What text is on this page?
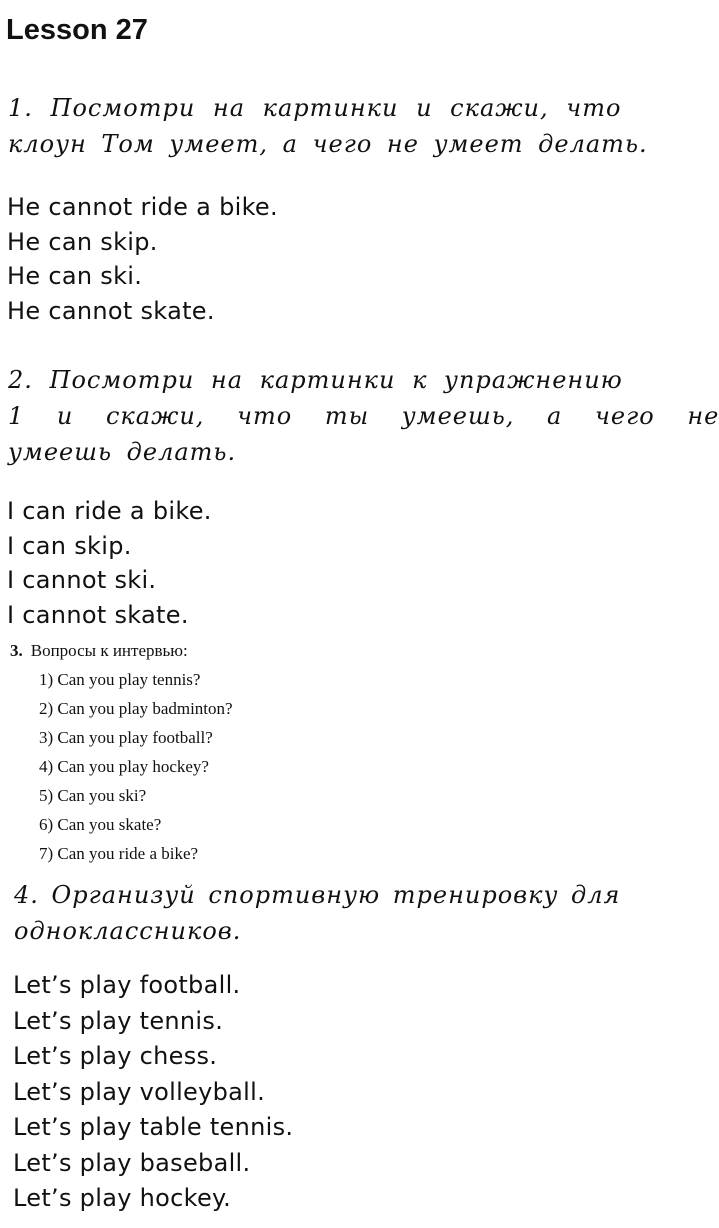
Lesson 27
1. Посмотри на картинки и скажи, что
клоун Том умеет, а чего не умеет делать.
He cannot ride a bike.
He can skip.
He can ski.
He cannot skate.
2. Посмотри на картинки к упражнению
1 и скажи, что ты умеешь, а чего не
умеешь делать.
I can ride a bike.
I can skip.
I cannot ski.
I cannot skate.
3. Вопросы к интервью:
1) Can you play tennis?
2) Can you play badminton?
3) Can you play football?
4) Can you play hockey?
5) Can you ski?
6) Can you skate?
7) Can you ride a bike?
4. Организуй спортивную тренировку для
одноклассников.
Let’s play football.
Let’s play tennis.
Let’s play chess.
Let’s play volleyball.
Let’s play table tennis.
Let’s play baseball.
Let’s play hockey.
